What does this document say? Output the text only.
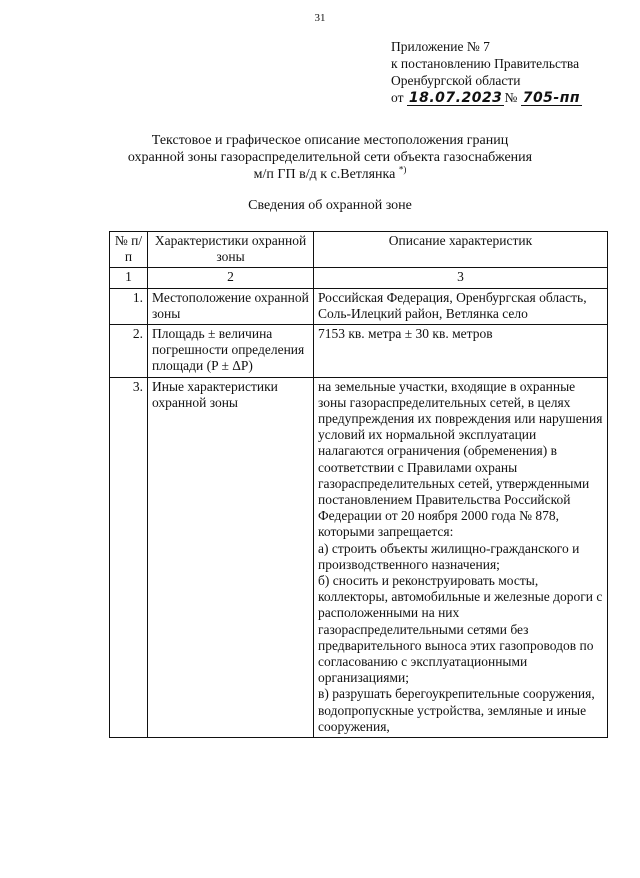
31
Приложение № 7
к постановлению Правительства
Оренбургской области
от 18.07.2023 № 705-пп
Текстовое и графическое описание местоположения границ
охранной зоны газораспределительной сети объекта газоснабжения
м/п ГП в/д к с.Ветлянка *)
Сведения об охранной зоне
№ п/п	Характеристики охранной зоны	Описание характеристик
1	2	3
1.	Местоположение охранной зоны	Российская Федерация, Оренбургская область, Соль-Илецкий район, Ветлянка село
2.	Площадь ± величина погрешности определения площади (P ± ΔP)	7153 кв. метра ± 30 кв. метров
3.	Иные характеристики охранной зоны	на земельные участки, входящие в охранные зоны газораспределительных сетей, в целях предупреждения их повреждения или нарушения условий их нормальной эксплуатации налагаются ограничения (обременения) в соответствии с Правилами охраны газораспределительных сетей, утвержденными постановлением Правительства Российской Федерации от 20 ноября 2000 года № 878, которыми запрещается:
а) строить объекты жилищно-гражданского и производственного назначения;
б) сносить и реконструировать мосты, коллекторы, автомобильные и железные дороги с расположенными на них газораспределительными сетями без предварительного выноса этих газопроводов по согласованию с эксплуатационными организациями;
в) разрушать берегоукрепительные сооружения, водопропускные устройства, земляные и иные сооружения,
